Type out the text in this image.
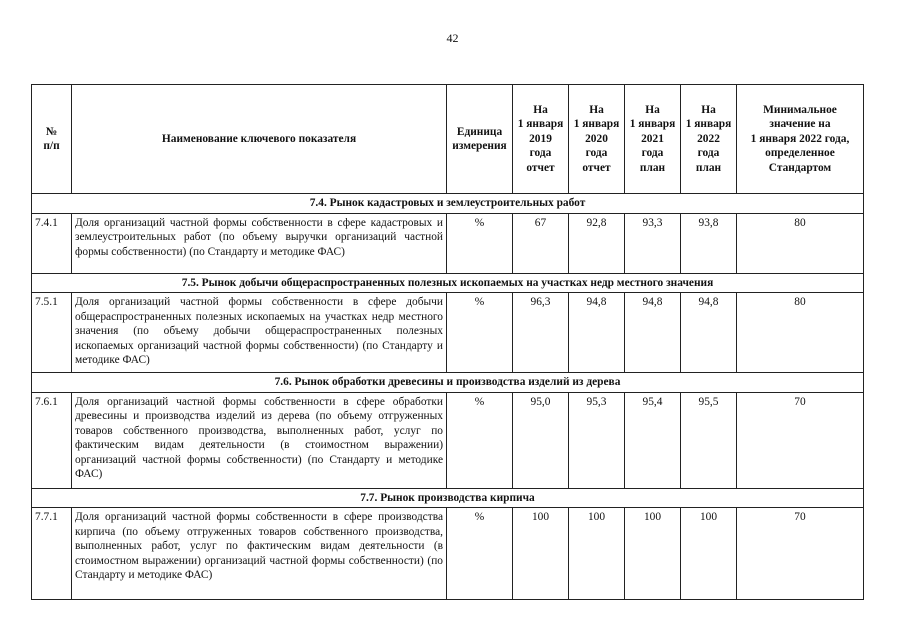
42
№
п/п	Наименование ключевого показателя	Единица
измерения	На
1 января
2019
года
отчет	На
1 января
2020
года
отчет	На
1 января
2021
года
план	На
1 января
2022
года
план	Минимальное
значение на
1 января 2022 года,
определенное
Стандартом

7.4. Рынок кадастровых и землеустроительных работ							
7.4.1	Доля организаций частной формы собственности в сфере кадастровых и землеустроительных работ (по объему выручки организаций частной формы собственности) (по Стандарту и методике ФАС)	%	67	92,8	93,3	93,8	80
7.5. Рынок добычи общераспространенных полезных ископаемых на участках недр местного значения							
7.5.1	Доля организаций частной формы собственности в сфере добычи общераспространенных полезных ископаемых на участках недр местного значения (по объему добычи общераспространенных полезных ископаемых организаций частной формы собственности) (по Стандарту и методике ФАС)	%	96,3	94,8	94,8	94,8	80
7.6. Рынок обработки древесины и производства изделий из дерева							
7.6.1	Доля организаций частной формы собственности в сфере обработки древесины и производства изделий из дерева (по объему отгруженных товаров собственного производства, выполненных работ, услуг по фактическим видам деятельности (в стоимостном выражении) организаций частной формы собственности) (по Стандарту и методике ФАС)	%	95,0	95,3	95,4	95,5	70
7.7. Рынок производства кирпича							
7.7.1	Доля организаций частной формы собственности в сфере производства кирпича (по объему отгруженных товаров собственного производства, выполненных работ, услуг по фактическим видам деятельности (в стоимостном выражении) организаций частной формы собственности) (по Стандарту и методике ФАС)	%	100	100	100	100	70
